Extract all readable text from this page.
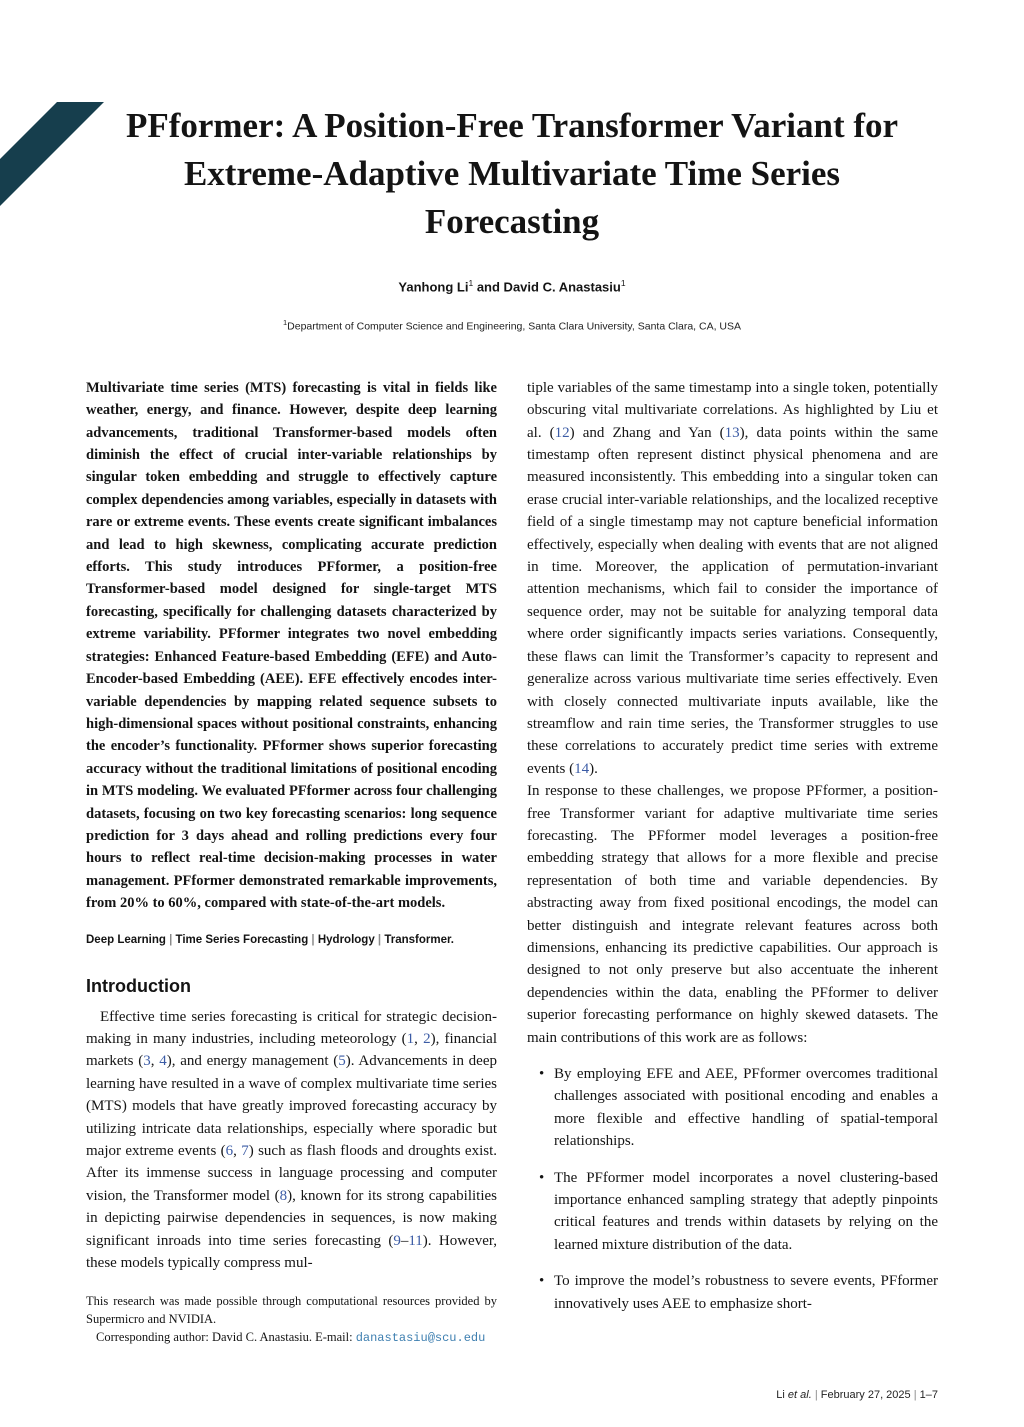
PFformer: A Position-Free Transformer Variant for Extreme-Adaptive Multivariate Time Series Forecasting
Yanhong Li$^1$ and David C. Anastasiu$^1$
$^1$Department of Computer Science and Engineering, Santa Clara University, Santa Clara, CA, USA

Multivariate time series (MTS) forecasting is vital in fields like weather, energy, and finance. However, despite deep learning advancements, traditional Transformer-based models often diminish the effect of crucial inter-variable relationships by singular token embedding and struggle to effectively capture complex dependencies among variables, especially in datasets with rare or extreme events. These events create significant imbalances and lead to high skewness, complicating accurate prediction efforts. This study introduces PFformer, a position-free Transformer-based model designed for single-target MTS forecasting, specifically for challenging datasets characterized by extreme variability. PFformer integrates two novel embedding strategies: Enhanced Feature-based Embedding (EFE) and Auto-Encoder-based Embedding (AEE). EFE effectively encodes inter-variable dependencies by mapping related sequence subsets to high-dimensional spaces without positional constraints, enhancing the encoder’s functionality. PFformer shows superior forecasting accuracy without the traditional limitations of positional encoding in MTS modeling. We evaluated PFformer across four challenging datasets, focusing on two key forecasting scenarios: long sequence prediction for 3 days ahead and rolling predictions every four hours to reflect real-time decision-making processes in water management. PFformer demonstrated remarkable improvements, from 20% to 60%, compared with state-of-the-art models.

Deep Learning | Time Series Forecasting | Hydrology | Transformer.
Introduction

Effective time series forecasting is critical for strategic decision-making in many industries, including meteorology (1, 2), financial markets (3, 4), and energy management (5). Advancements in deep learning have resulted in a wave of complex multivariate time series (MTS) models that have greatly improved forecasting accuracy by utilizing intricate data relationships, especially where sporadic but major extreme events (6, 7) such as flash floods and droughts exist. After its immense success in language processing and computer vision, the Transformer model (8), known for its strong capabilities in depicting pairwise dependencies in sequences, is now making significant inroads into time series forecasting (9–11). However, these models typically compress mul-

This research was made possible through computational resources provided by Supermicro and NVIDIA.

Corresponding author: David C. Anastasiu. E-mail: danastasiu@scu.edu

tiple variables of the same timestamp into a single token, potentially obscuring vital multivariate correlations. As highlighted by Liu et al. (12) and Zhang and Yan (13), data points within the same timestamp often represent distinct physical phenomena and are measured inconsistently. This embedding into a singular token can erase crucial inter-variable relationships, and the localized receptive field of a single timestamp may not capture beneficial information effectively, especially when dealing with events that are not aligned in time. Moreover, the application of permutation-invariant attention mechanisms, which fail to consider the importance of sequence order, may not be suitable for analyzing temporal data where order significantly impacts series variations. Consequently, these flaws can limit the Transformer’s capacity to represent and generalize across various multivariate time series effectively. Even with closely connected multivariate inputs available, like the streamflow and rain time series, the Transformer struggles to use these correlations to accurately predict time series with extreme events (14).

In response to these challenges, we propose PFformer, a position-free Transformer variant for adaptive multivariate time series forecasting. The PFformer model leverages a position-free embedding strategy that allows for a more flexible and precise representation of both time and variable dependencies. By abstracting away from fixed positional encodings, the model can better distinguish and integrate relevant features across both dimensions, enhancing its predictive capabilities. Our approach is designed to not only preserve but also accentuate the inherent dependencies within the data, enabling the PFformer to deliver superior forecasting performance on highly skewed datasets. The main contributions of this work are as follows:

• By employing EFE and AEE, PFformer overcomes traditional challenges associated with positional encoding and enables a more flexible and effective handling of spatial-temporal relationships.
• The PFformer model incorporates a novel clustering-based importance enhanced sampling strategy that adeptly pinpoints critical features and trends within datasets by relying on the learned mixture distribution of the data.
• To improve the model’s robustness to severe events, PFformer innovatively uses AEE to emphasize short-
Li et al. | February 27, 2025 | 1–7
